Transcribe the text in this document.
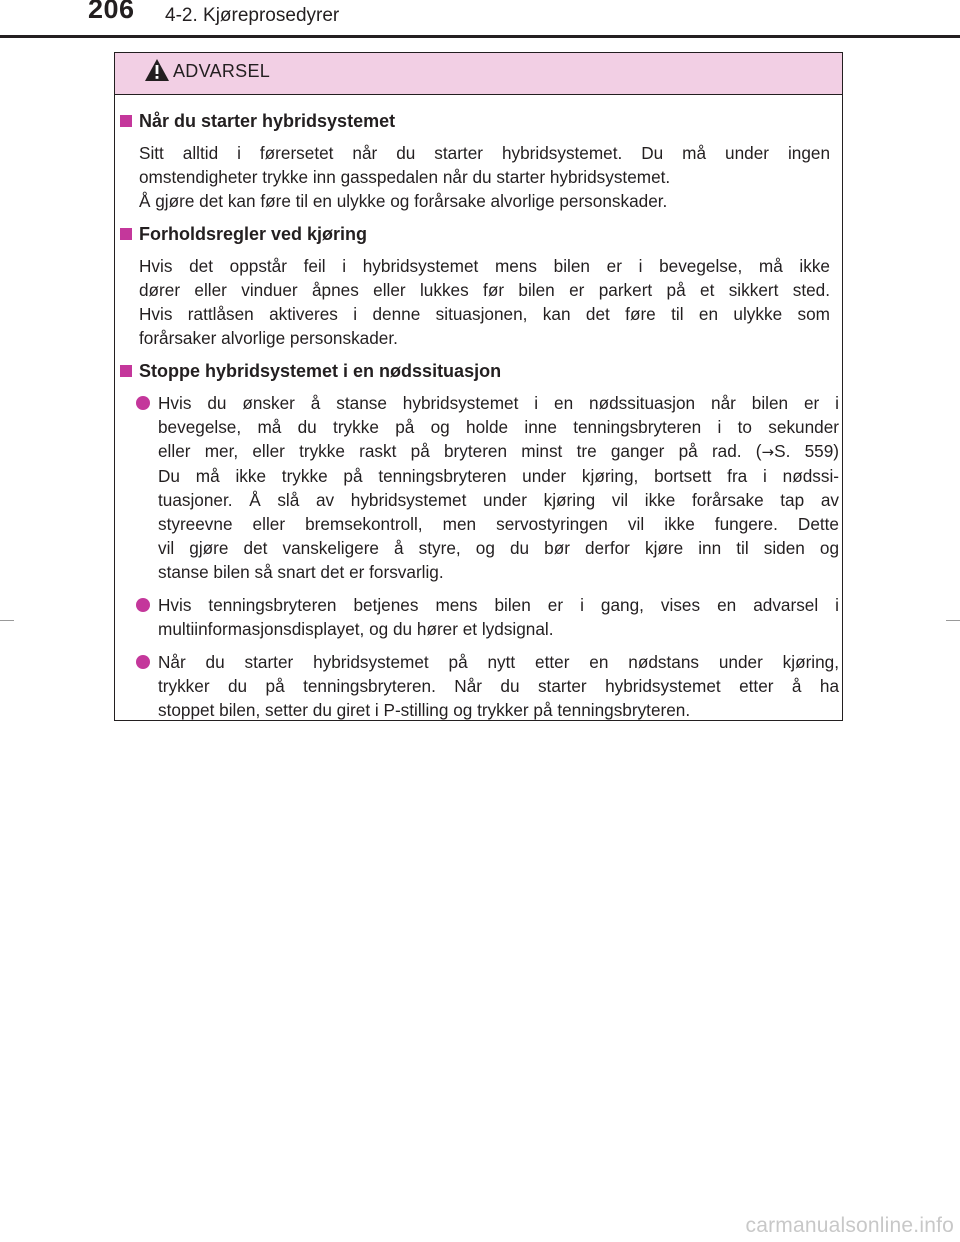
206 4-2. Kjøreprosedyrer
ADVARSEL
Når du starter hybridsystemet
Sitt alltid i førersetet når du starter hybridsystemet. Du må under ingen
omstendigheter trykke inn gasspedalen når du starter hybridsystemet.
Å gjøre det kan føre til en ulykke og forårsake alvorlige personskader.
Forholdsregler ved kjøring
Hvis det oppstår feil i hybridsystemet mens bilen er i bevegelse, må ikke
dører eller vinduer åpnes eller lukkes før bilen er parkert på et sikkert sted.
Hvis rattlåsen aktiveres i denne situasjonen, kan det føre til en ulykke som
forårsaker alvorlige personskader.
Stoppe hybridsystemet i en nødssituasjon
Hvis du ønsker å stanse hybridsystemet i en nødssituasjon når bilen er i
bevegelse, må du trykke på og holde inne tenningsbryteren i to sekunder
eller mer, eller trykke raskt på bryteren minst tre ganger på rad. (→S. 559)
Du må ikke trykke på tenningsbryteren under kjøring, bortsett fra i nødssi-
tuasjoner. Å slå av hybridsystemet under kjøring vil ikke forårsake tap av
styreevne eller bremsekontroll, men servostyringen vil ikke fungere. Dette
vil gjøre det vanskeligere å styre, og du bør derfor kjøre inn til siden og
stanse bilen så snart det er forsvarlig.
Hvis tenningsbryteren betjenes mens bilen er i gang, vises en advarsel i
multiinformasjonsdisplayet, og du hører et lydsignal.
Når du starter hybridsystemet på nytt etter en nødstans under kjøring,
trykker du på tenningsbryteren. Når du starter hybridsystemet etter å ha
stoppet bilen, setter du giret i P-stilling og trykker på tenningsbryteren.
carmanualsonline.info
